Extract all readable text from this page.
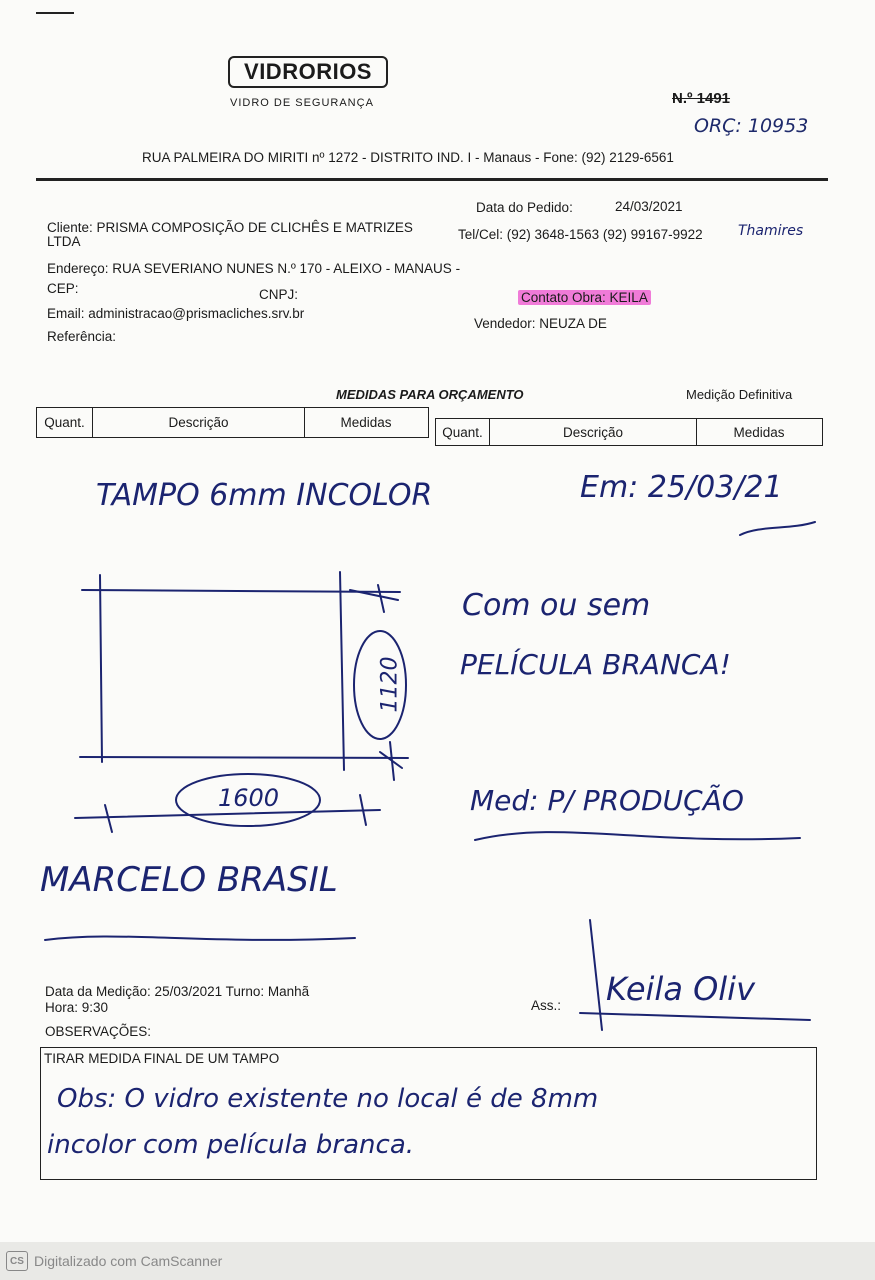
VIDRORIOS
VIDRO DE SEGURANÇA	N.º 1491
ORÇ: 10953
RUA PALMEIRA DO MIRITI nº 1272 - DISTRITO IND. I - Manaus - Fone: (92) 2129-6561
Data do Pedido:	24/03/2021
Cliente: PRISMA COMPOSIÇÃO DE CLICHÊS E MATRIZES
LTDA	Tel/Cel: (92) 3648-1563 (92) 99167-9922	Thamires
Endereço: RUA SEVERIANO NUNES N.º 170 - ALEIXO - MANAUS -
CEP:	CNPJ:	Contato Obra: KEILA
Email: administracao@prismacliches.srv.br
Vendedor: NEUZA DE
Referência:
MEDIDAS PARA ORÇAMENTO	Medição Definitiva
Quant.	Descrição	Medidas
Quant.	Descrição	Medidas
TAMPO 6mm INCOLOR	Em: 25/03/21
1120
1600
Com ou sem
PELÍCULA BRANCA!
Med: P/ PRODUÇÃO
MARCELO BRASIL
Data da Medição: 25/03/2021 Turno: Manhã
Hora: 9:30	Ass.: Keila Oliv
OBSERVAÇÕES:
TIRAR MEDIDA FINAL DE UM TAMPO
Obs: O vidro existente no local é de 8mm
incolor com película branca.
CS Digitalizado com CamScanner
